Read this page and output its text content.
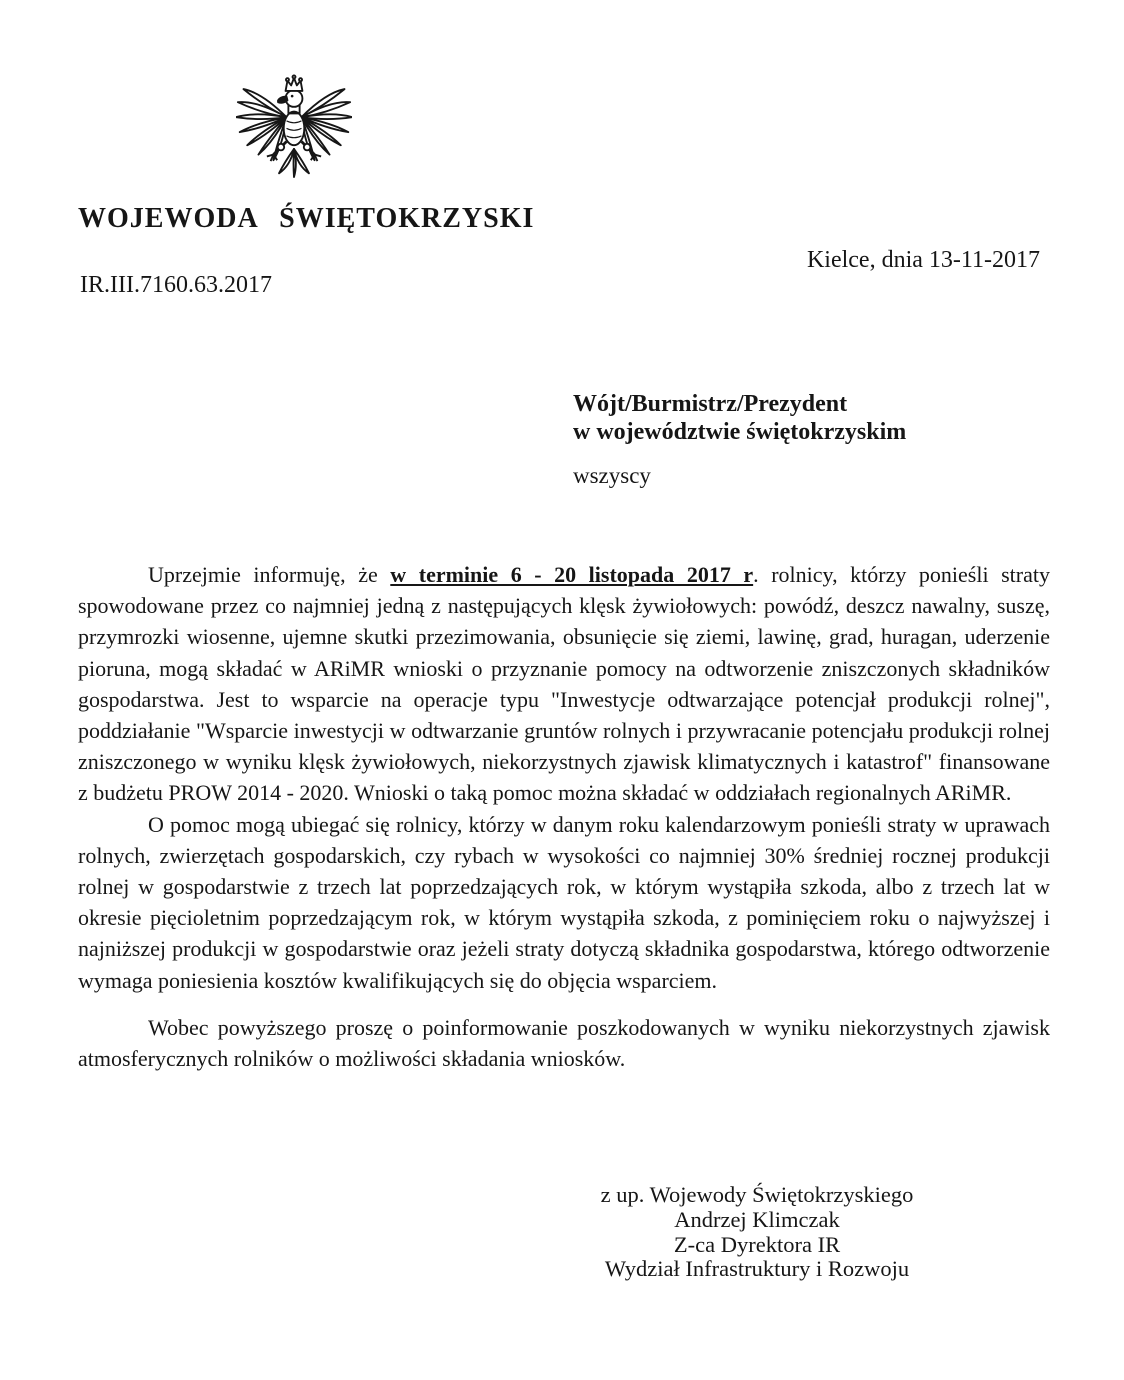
WOJEWODA ŚWIĘTOKRZYSKI
Kielce, dnia 13-11-2017
IR.III.7160.63.2017
Wójt/Burmistrz/Prezydent
w województwie świętokrzyskim
wszyscy

Uprzejmie informuję, że w terminie 6 - 20 listopada 2017 r. rolnicy, którzy ponieśli straty spowodowane przez co najmniej jedną z następujących klęsk żywiołowych: powódź, deszcz nawalny, suszę, przymrozki wiosenne, ujemne skutki przezimowania, obsunięcie się ziemi, lawinę, grad, huragan, uderzenie pioruna, mogą składać w ARiMR wnioski o przyznanie pomocy na odtworzenie zniszczonych składników gospodarstwa. Jest to wsparcie na operacje typu "Inwestycje odtwarzające potencjał produkcji rolnej", poddziałanie "Wsparcie inwestycji w odtwarzanie gruntów rolnych i przywracanie potencjału produkcji rolnej zniszczonego w wyniku klęsk żywiołowych, niekorzystnych zjawisk klimatycznych i katastrof" finansowane z budżetu PROW 2014 - 2020. Wnioski o taką pomoc można składać w oddziałach regionalnych ARiMR.

O pomoc mogą ubiegać się rolnicy, którzy w danym roku kalendarzowym ponieśli straty w uprawach rolnych, zwierzętach gospodarskich, czy rybach w wysokości co najmniej 30% średniej rocznej produkcji rolnej w gospodarstwie z trzech lat poprzedzających rok, w którym wystąpiła szkoda, albo z trzech lat w okresie pięcioletnim poprzedzającym rok, w którym wystąpiła szkoda, z pominięciem roku o najwyższej i najniższej produkcji w gospodarstwie oraz jeżeli straty dotyczą składnika gospodarstwa, którego odtworzenie wymaga poniesienia kosztów kwalifikujących się do objęcia wsparciem.

Wobec powyższego proszę o poinformowanie poszkodowanych w wyniku niekorzystnych zjawisk atmosferycznych rolników o możliwości składania wniosków.

z up. Wojewody Świętokrzyskiego
Andrzej Klimczak
Z-ca Dyrektora IR
Wydział Infrastruktury i Rozwoju
